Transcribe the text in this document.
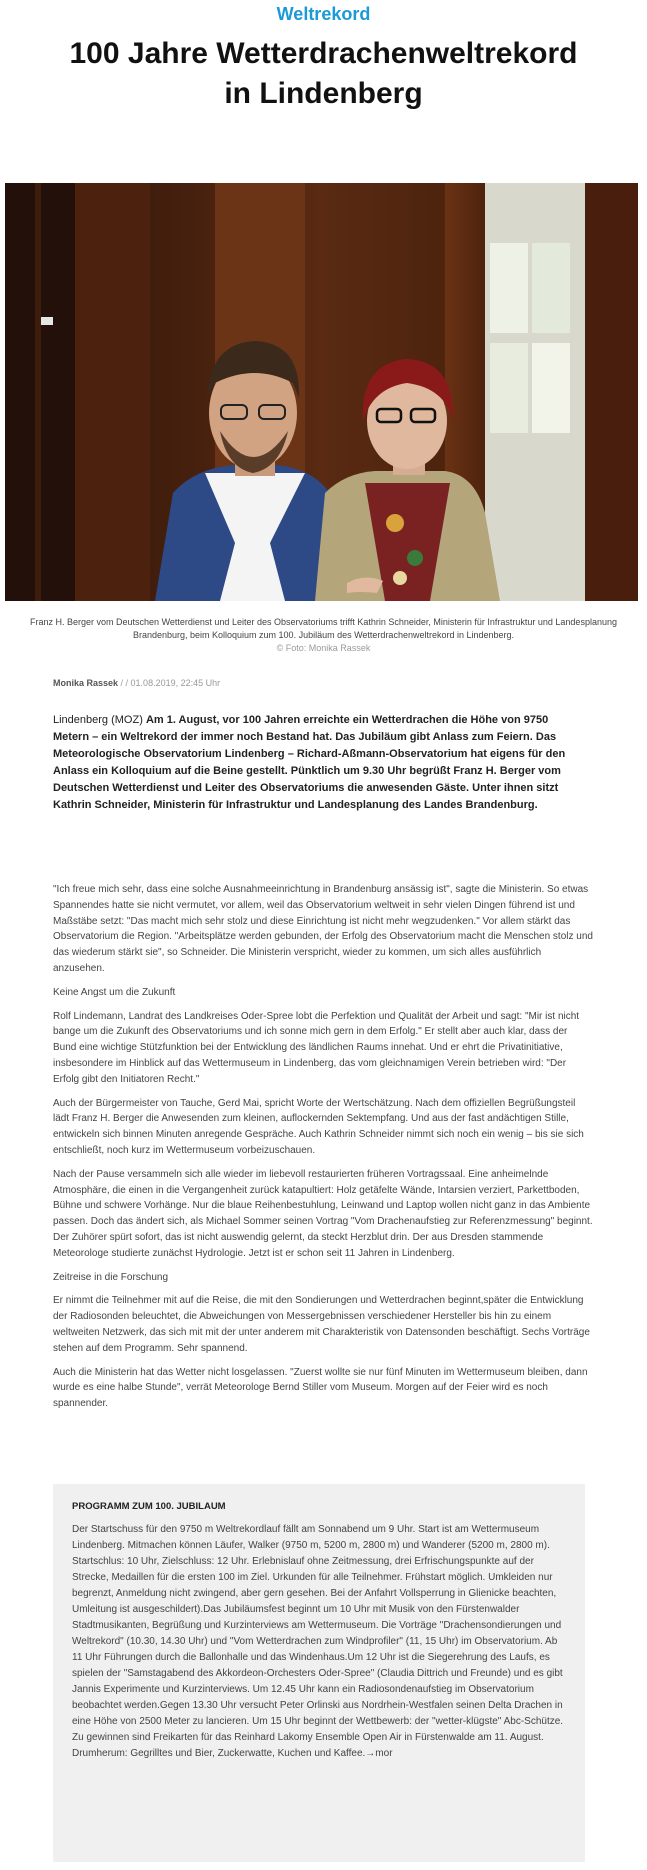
Weltrekord
100 Jahre Wetterdrachenweltrekord in Lindenberg
Franz H. Berger vom Deutschen Wetterdienst und Leiter des Observatoriums trifft Kathrin Schneider, Ministerin für Infrastruktur und Landesplanung Brandenburg, beim Kolloquium zum 100. Jubiläum des Wetterdrachenweltrekord in Lindenberg.
© Foto: Monika Rassek
Monika Rassek / / 01.08.2019, 22:45 Uhr
Lindenberg (MOZ) Am 1. August, vor 100 Jahren erreichte ein Wetterdrachen die Höhe von 9750 Metern – ein Weltrekord der immer noch Bestand hat. Das Jubiläum gibt Anlass zum Feiern. Das Meteorologische Observatorium Lindenberg – Richard-Aßmann-Observatorium hat eigens für den Anlass ein Kolloquium auf die Beine gestellt. Pünktlich um 9.30 Uhr begrüßt Franz H. Berger vom Deutschen Wetterdienst und Leiter des Observatoriums die anwesenden Gäste. Unter ihnen sitzt Kathrin Schneider, Ministerin für Infrastruktur und Landesplanung des Landes Brandenburg.

"Ich freue mich sehr, dass eine solche Ausnahmeeinrichtung in Brandenburg ansässig ist", sagte die Ministerin. So etwas Spannendes hatte sie nicht vermutet, vor allem, weil das Observatorium weltweit in sehr vielen Dingen führend ist und Maßstäbe setzt: "Das macht mich sehr stolz und diese Einrichtung ist nicht mehr wegzudenken." Vor allem stärkt das Observatorium die Region. "Arbeitsplätze werden gebunden, der Erfolg des Observatorium macht die Menschen stolz und das wiederum stärkt sie", so Schneider. Die Ministerin verspricht, wieder zu kommen, um sich alles ausführlich anzusehen.

Keine Angst um die Zukunft

Rolf Lindemann, Landrat des Landkreises Oder-Spree lobt die Perfektion und Qualität der Arbeit und sagt: "Mir ist nicht bange um die Zukunft des Observatoriums und ich sonne mich gern in dem Erfolg." Er stellt aber auch klar, dass der Bund eine wichtige Stützfunktion bei der Entwicklung des ländlichen Raums innehat. Und er ehrt die Privatinitiative, insbesondere im Hinblick auf das Wettermuseum in Lindenberg, das vom gleichnamigen Verein betrieben wird: "Der Erfolg gibt den Initiatoren Recht."

Auch der Bürgermeister von Tauche, Gerd Mai, spricht Worte der Wertschätzung. Nach dem offiziellen Begrüßungsteil lädt Franz H. Berger die Anwesenden zum kleinen, auflockernden Sektempfang. Und aus der fast andächtigen Stille, entwickeln sich binnen Minuten anregende Gespräche. Auch Kathrin Schneider nimmt sich noch ein wenig – bis sie sich entschließt, noch kurz im Wettermuseum vorbeizuschauen.

Nach der Pause versammeln sich alle wieder im liebevoll restaurierten früheren Vortragssaal. Eine anheimelnde Atmosphäre, die einen in die Vergangenheit zurück katapultiert: Holz getäfelte Wände, Intarsien verziert, Parkettboden, Bühne und schwere Vorhänge. Nur die blaue Reihenbestuhlung, Leinwand und Laptop wollen nicht ganz in das Ambiente passen. Doch das ändert sich, als Michael Sommer seinen Vortrag "Vom Drachenaufstieg zur Referenzmessung" beginnt. Der Zuhörer spürt sofort, das ist nicht auswendig gelernt, da steckt Herzblut drin. Der aus Dresden stammende Meteorologe studierte zunächst Hydrologie. Jetzt ist er schon seit 11 Jahren in Lindenberg.

Zeitreise in die Forschung

Er nimmt die Teilnehmer mit auf die Reise, die mit den Sondierungen und Wetterdrachen beginnt,später die Entwicklung der Radiosonden beleuchtet, die Abweichungen von Messergebnissen verschiedener Hersteller bis hin zu einem weltweiten Netzwerk, das sich mit mit der unter anderem mit Charakteristik von Datensonden beschäftigt. Sechs Vorträge stehen auf dem Programm. Sehr spannend.

Auch die Ministerin hat das Wetter nicht losgelassen. "Zuerst wollte sie nur fünf Minuten im Wettermuseum bleiben, dann wurde es eine halbe Stunde", verrät Meteorologe Bernd Stiller vom Museum. Morgen auf der Feier wird es noch spannender.

PROGRAMM ZUM 100. JUBILAUM

Der Startschuss für den 9750 m Weltrekordlauf fällt am Sonnabend um 9 Uhr. Start ist am Wettermuseum Lindenberg. Mitmachen können Läufer, Walker (9750 m, 5200 m, 2800 m) und Wanderer (5200 m, 2800 m). Startschlus: 10 Uhr, Zielschluss: 12 Uhr. Erlebnislauf ohne Zeitmessung, drei Erfrischungspunkte auf der Strecke, Medaillen für die ersten 100 im Ziel. Urkunden für alle Teilnehmer. Frühstart möglich. Umkleiden nur begrenzt, Anmeldung nicht zwingend, aber gern gesehen. Bei der Anfahrt Vollsperrung in Glienicke beachten, Umleitung ist ausgeschildert).Das Jubiläumsfest beginnt um 10 Uhr mit Musik von den Fürstenwalder Stadtmusikanten, Begrüßung und Kurzinterviews am Wettermuseum. Die Vorträge "Drachensondierungen und Weltrekord" (10.30, 14.30 Uhr) und "Vom Wetterdrachen zum Windprofiler" (11, 15 Uhr) im Observatorium. Ab 11 Uhr Führungen durch die Ballonhalle und das Windenhaus.Um 12 Uhr ist die Siegerehrung des Laufs, es spielen der "Samstagabend des Akkordeon-Orchesters Oder-Spree" (Claudia Dittrich und Freunde) und es gibt Jannis Experimente und Kurzinterviews. Um 12.45 Uhr kann ein Radiosondenaufstieg im Observatorium beobachtet werden.Gegen 13.30 Uhr versucht Peter Orlinski aus Nordrhein-Westfalen seinen Delta Drachen in eine Höhe von 2500 Meter zu lancieren. Um 15 Uhr beginnt der Wettbewerb: der "wetter-klügste" Abc-Schütze. Zu gewinnen sind Freikarten für das Reinhard Lakomy Ensemble Open Air in Fürstenwalde am 11. August. Drumherum: Gegrilltes und Bier, Zuckerwatte, Kuchen und Kaffee.→mor
